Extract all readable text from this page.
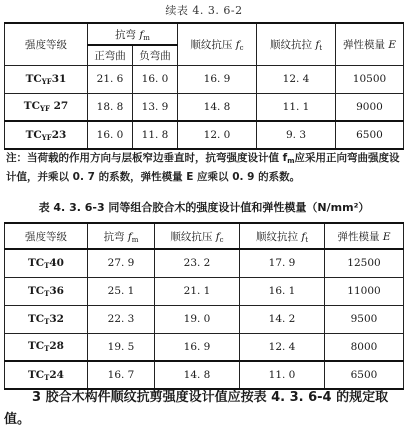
续表 4. 3. 6-2
强度等级	抗弯 $f_m$		顺纹抗压 $f_c$	顺纹抗拉 $f_t$	弹性模量 E
	正弯曲	负弯曲			
$TC_{YF}31$	21. 6	16. 0	16. 9	12. 4	10500
$TC_{YF}$ 27	18. 8	13. 9	14. 8	11. 1	9000
$TC_{YF}23$	16. 0	11. 8	12. 0	9. 3	6500
注：当荷载的作用方向与层板窄边垂直时，抗弯强度设计值 $f_m$应采用正向弯曲强度设计值，并乘以 0. 7 的系数，弹性模量 E 应乘以 0. 9 的系数。
表 4. 3. 6-3 同等组合胶合木的强度设计值和弹性模量（N/mm²）
强度等级	抗弯 $f_m$	顺纹抗压 $f_c$	顺纹抗拉 $f_t$	弹性模量 E
$TC_T40$	27. 9	23. 2	17. 9	12500
$TC_T36$	25. 1	21. 1	16. 1	11000
$TC_T32$	22. 3	19. 0	14. 2	9500
$TC_T28$	19. 5	16. 9	12. 4	8000
$TC_T24$	16. 7	14. 8	11. 0	6500
3 胶合木构件顺纹抗剪强度设计值应按表 4. 3. 6-4 的规定取值。
